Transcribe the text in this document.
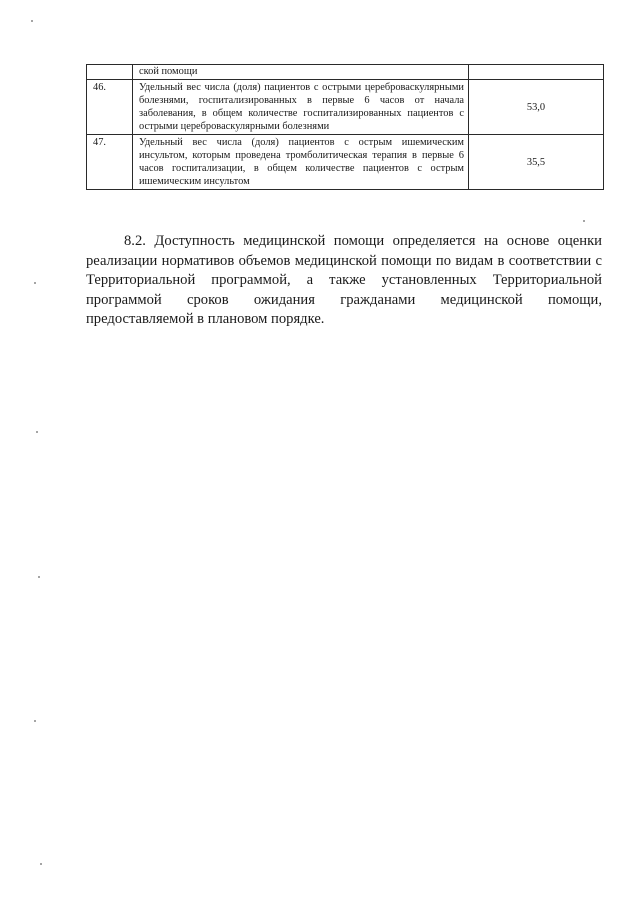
	ской помощи	
46.	Удельный вес числа (доля) пациентов с острыми цереброваскулярными болезнями, госпитализированных в первые 6 часов от начала заболевания, в общем количестве госпитализированных пациентов с острыми цереброваскулярными болезнями	53,0
47.	Удельный вес числа (доля) пациентов с острым ишемическим инсультом, которым проведена тромболитическая терапия в первые 6 часов госпитализации, в общем количестве пациентов с острым ишемическим инсультом	35,5

8.2. Доступность медицинской помощи определяется на основе оценки реализации нормативов объемов медицинской помощи по видам в соответствии с Территориальной программой, а также установленных Территориальной программой сроков ожидания гражданами медицинской помощи, предоставляемой в плановом порядке.
